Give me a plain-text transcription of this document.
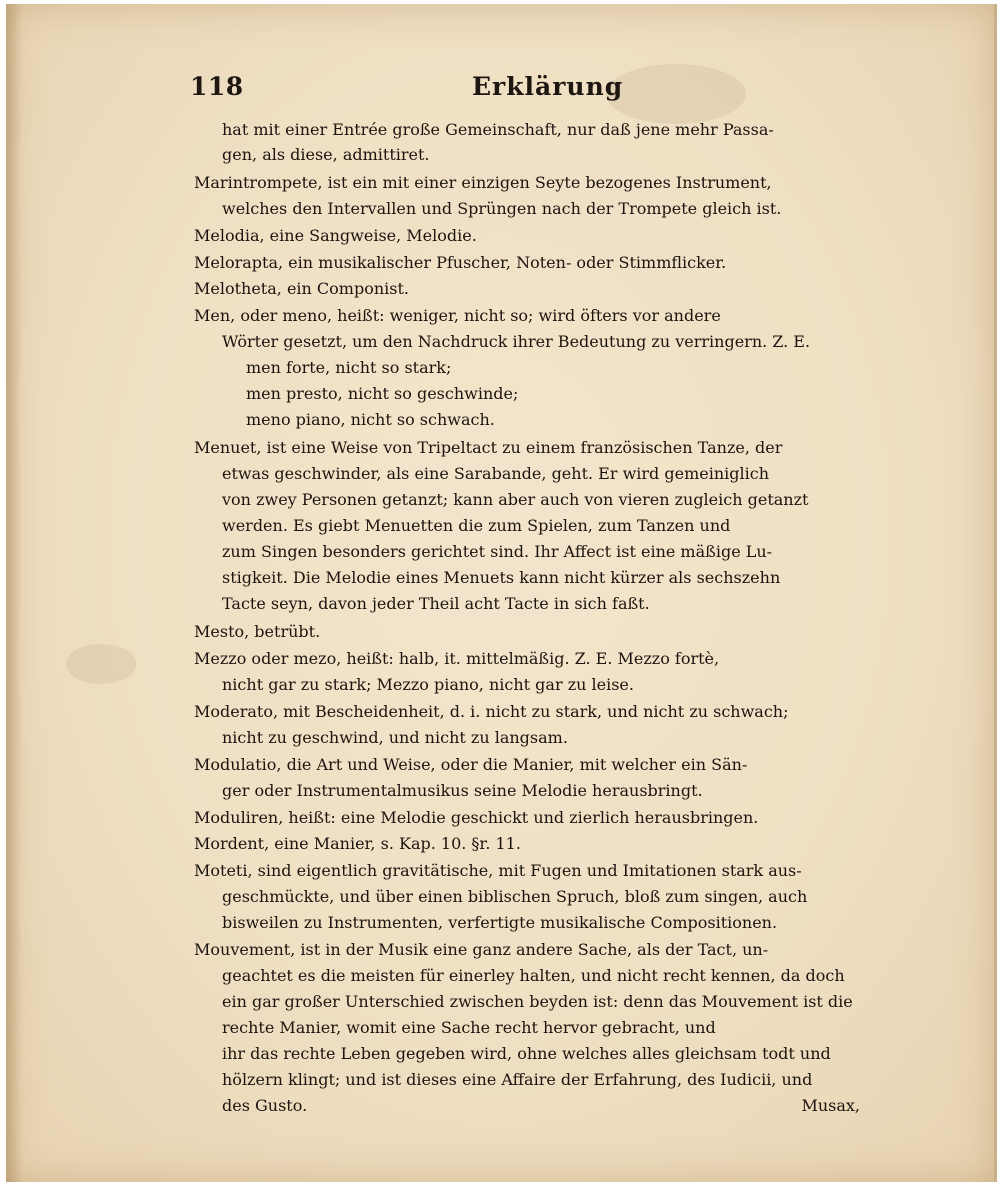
118	Erklärung
hat mit einer Entrée große Gemeinschaft, nur daß jene mehr Passa-
gen, als diese, admittiret.
Marintrompete, ist ein mit einer einzigen Seyte bezogenes Instrument,
welches den Intervallen und Sprüngen nach der Trompete gleich ist.
Melodia, eine Sangweise, Melodie.
Melorapta, ein musikalischer Pfuscher, Noten- oder Stimmflicker.
Melotheta, ein Componist.
Men, oder meno, heißt: weniger, nicht so; wird öfters vor andere
Wörter gesetzt, um den Nachdruck ihrer Bedeutung zu verringern. Z. E.
men forte, nicht so stark;
men presto, nicht so geschwinde;
meno piano, nicht so schwach.
Menuet, ist eine Weise von Tripeltact zu einem französischen Tanze, der
etwas geschwinder, als eine Sarabande, geht. Er wird gemeiniglich
von zwey Personen getanzt; kann aber auch von vieren zugleich getanzt
werden. Es giebt Menuetten die zum Spielen, zum Tanzen und
zum Singen besonders gerichtet sind. Ihr Affect ist eine mäßige Lu-
stigkeit. Die Melodie eines Menuets kann nicht kürzer als sechszehn
Tacte seyn, davon jeder Theil acht Tacte in sich faßt.
Mesto, betrübt.
Mezzo oder mezo, heißt: halb, it. mittelmäßig. Z. E. Mezzo fortè,
nicht gar zu stark; Mezzo piano, nicht gar zu leise.
Moderato, mit Bescheidenheit, d. i. nicht zu stark, und nicht zu schwach;
nicht zu geschwind, und nicht zu langsam.
Modulatio, die Art und Weise, oder die Manier, mit welcher ein Sän-
ger oder Instrumentalmusikus seine Melodie herausbringt.
Moduliren, heißt: eine Melodie geschickt und zierlich herausbringen.
Mordent, eine Manier, s. Kap. 10. §r. 11.
Moteti, sind eigentlich gravitätische, mit Fugen und Imitationen stark aus-
geschmückte, und über einen biblischen Spruch, bloß zum singen, auch
bisweilen zu Instrumenten, verfertigte musikalische Compositionen.
Mouvement, ist in der Musik eine ganz andere Sache, als der Tact, un-
geachtet es die meisten für einerley halten, und nicht recht kennen, da doch
ein gar großer Unterschied zwischen beyden ist: denn das Mouvement ist die
rechte Manier, womit eine Sache recht hervor gebracht, und
ihr das rechte Leben gegeben wird, ohne welches alles gleichsam todt und
hölzern klingt; und ist dieses eine Affaire der Erfahrung, des Iudicii, und
des Gusto.	Musax,
